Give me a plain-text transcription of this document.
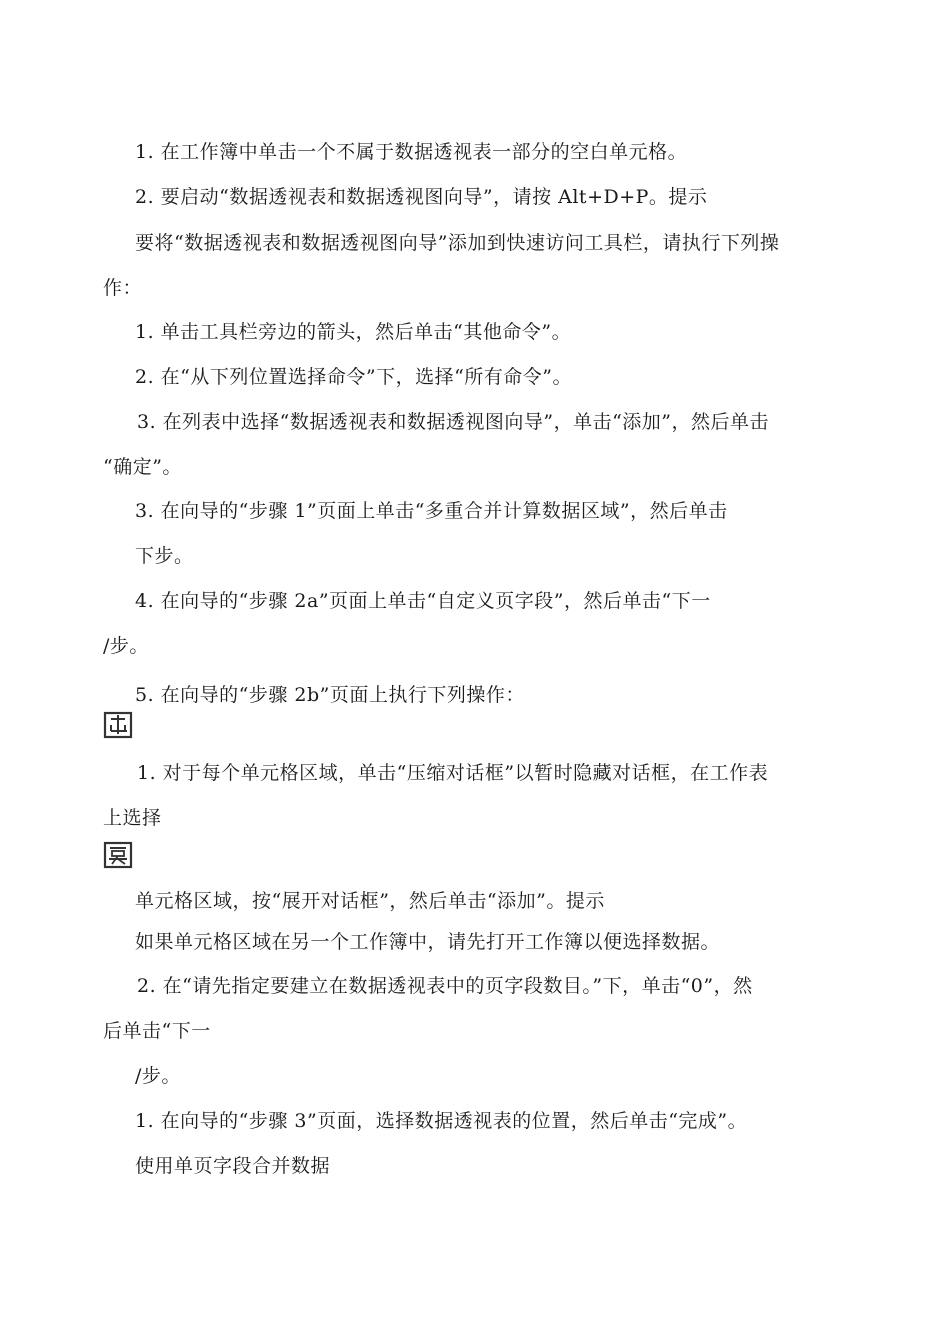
1. 在工作簿中单击一个不属于数据透视表一部分的空白单元格。
2. 要启动“数据透视表和数据透视图向导”，请按 Alt+D+P。提示
要将“数据透视表和数据透视图向导”添加到快速访问工具栏，请执行下列操
作：
1. 单击工具栏旁边的箭头，然后单击“其他命令”。
2. 在“从下列位置选择命令”下，选择“所有命令”。
3. 在列表中选择“数据透视表和数据透视图向导”，单击“添加”，然后单击
“确定”。
3. 在向导的“步骤 1”页面上单击“多重合并计算数据区域”，然后单击
下步。
4. 在向导的“步骤 2a”页面上单击“自定义页字段”，然后单击“下一
/步。
5. 在向导的“步骤 2b”页面上执行下列操作：
1. 对于每个单元格区域，单击“压缩对话框”以暂时隐藏对话框，在工作表
上选择
单元格区域，按“展开对话框”，然后单击“添加”。提示
如果单元格区域在另一个工作簿中，请先打开工作簿以便选择数据。
2. 在“请先指定要建立在数据透视表中的页字段数目。”下，单击“0”，然
后单击“下一
/步。
1. 在向导的“步骤 3”页面，选择数据透视表的位置，然后单击“完成”。
使用单页字段合并数据
